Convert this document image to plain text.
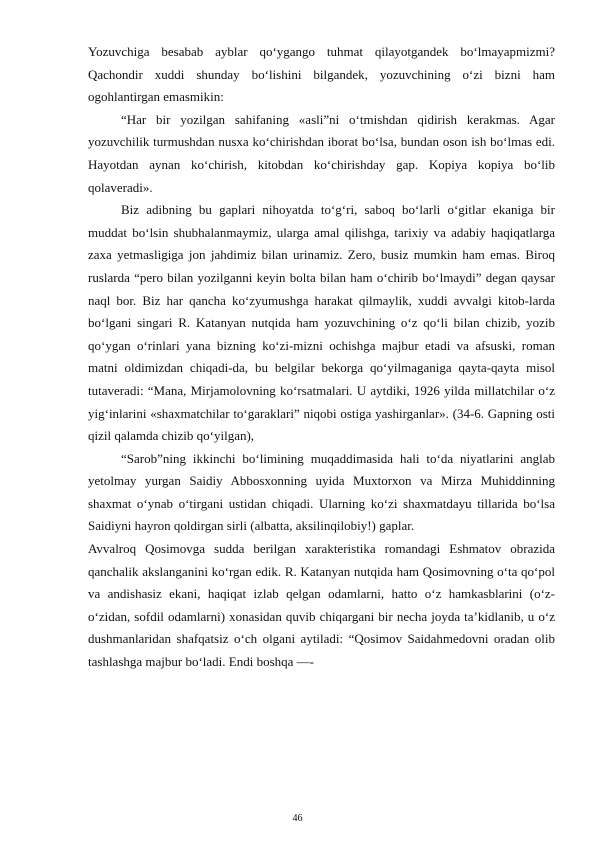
Yozuvchiga besabab ayblar qo‘ygango tuhmat qilayotgandek bo‘lmayapmizmi? Qachondir xuddi shunday bo‘lishini bilgandek, yozuvchining o‘zi bizni ham ogohlantirgan emasmikin:

“Har bir yozilgan sahifaning «asli”ni o‘tmishdan qidirish kerakmas. Agar yozuvchilik turmushdan nusxa ko‘chirishdan iborat bo‘lsa, bundan oson ish bo‘lmas edi. Hayotdan aynan ko‘chirish, kitobdan ko‘chirishday gap. Kopiya kopiya bo‘lib qolaveradi».

Biz adibning bu gaplari nihoyatda to‘g‘ri, saboq bo‘larli o‘gitlar ekaniga bir muddat bo‘lsin shubhalanmaymiz, ularga amal qilishga, tarixiy va adabiy haqiqatlarga zaxa yetmasligiga jon jahdimiz bilan urinamiz. Zero, busiz mumkin ham emas. Biroq ruslarda “pero bilan yozilganni keyin bolta bilan ham o‘chirib bo‘lmaydi” degan qaysar naql bor. Biz har qancha ko‘zyumushga harakat qilmaylik, xuddi avvalgi kitob-larda bo‘lgani singari R. Katanyan nutqida ham yozuvchining o‘z qo‘li bilan chizib, yozib qo‘ygan o‘rinlari yana bizning ko‘zi-mizni ochishga majbur etadi va afsuski, roman matni oldimizdan chiqadi-da, bu belgilar bekorga qo‘yilmaganiga qayta-qayta misol tutaveradi: “Mana, Mirjamolovning ko‘rsatmalari. U aytdiki, 1926 yilda millatchilar o‘z yig‘inlarini «shaxmatchilar to‘garaklari” niqobi ostiga yashirganlar». (34-6. Gapning osti qizil qalamda chizib qo‘yilgan),

“Sarob”ning ikkinchi bo‘limining muqaddimasida hali to‘da niyatlarini anglab yetolmay yurgan Saidiy Abbosxonning uyida Muxtorxon va Mirza Muhiddinning shaxmat o‘ynab o‘tirgani ustidan chiqadi. Ularning ko‘zi shaxmatdayu tillarida bo‘lsa Saidiyni hayron qoldirgan sirli (albatta, aksilinqilobiy!) gaplar.

Avvalroq Qosimovga sudda berilgan xarakteristika romandagi Eshmatov obrazida qanchalik akslanganini ko‘rgan edik. R. Katanyan nutqida ham Qosimovning o‘ta qo‘pol va andishasiz ekani, haqiqat izlab qelgan odamlarni, hatto o‘z hamkasblarini (o‘z-o‘zidan, sofdil odamlarni) xonasidan quvib chiqargani bir necha joyda ta’kidlanib, u o‘z dushmanlaridan shafqatsiz o‘ch olgani aytiladi: “Qosimov Saidahmedovni oradan olib tashlashga majbur bo‘ladi. Endi boshqa —-

46
